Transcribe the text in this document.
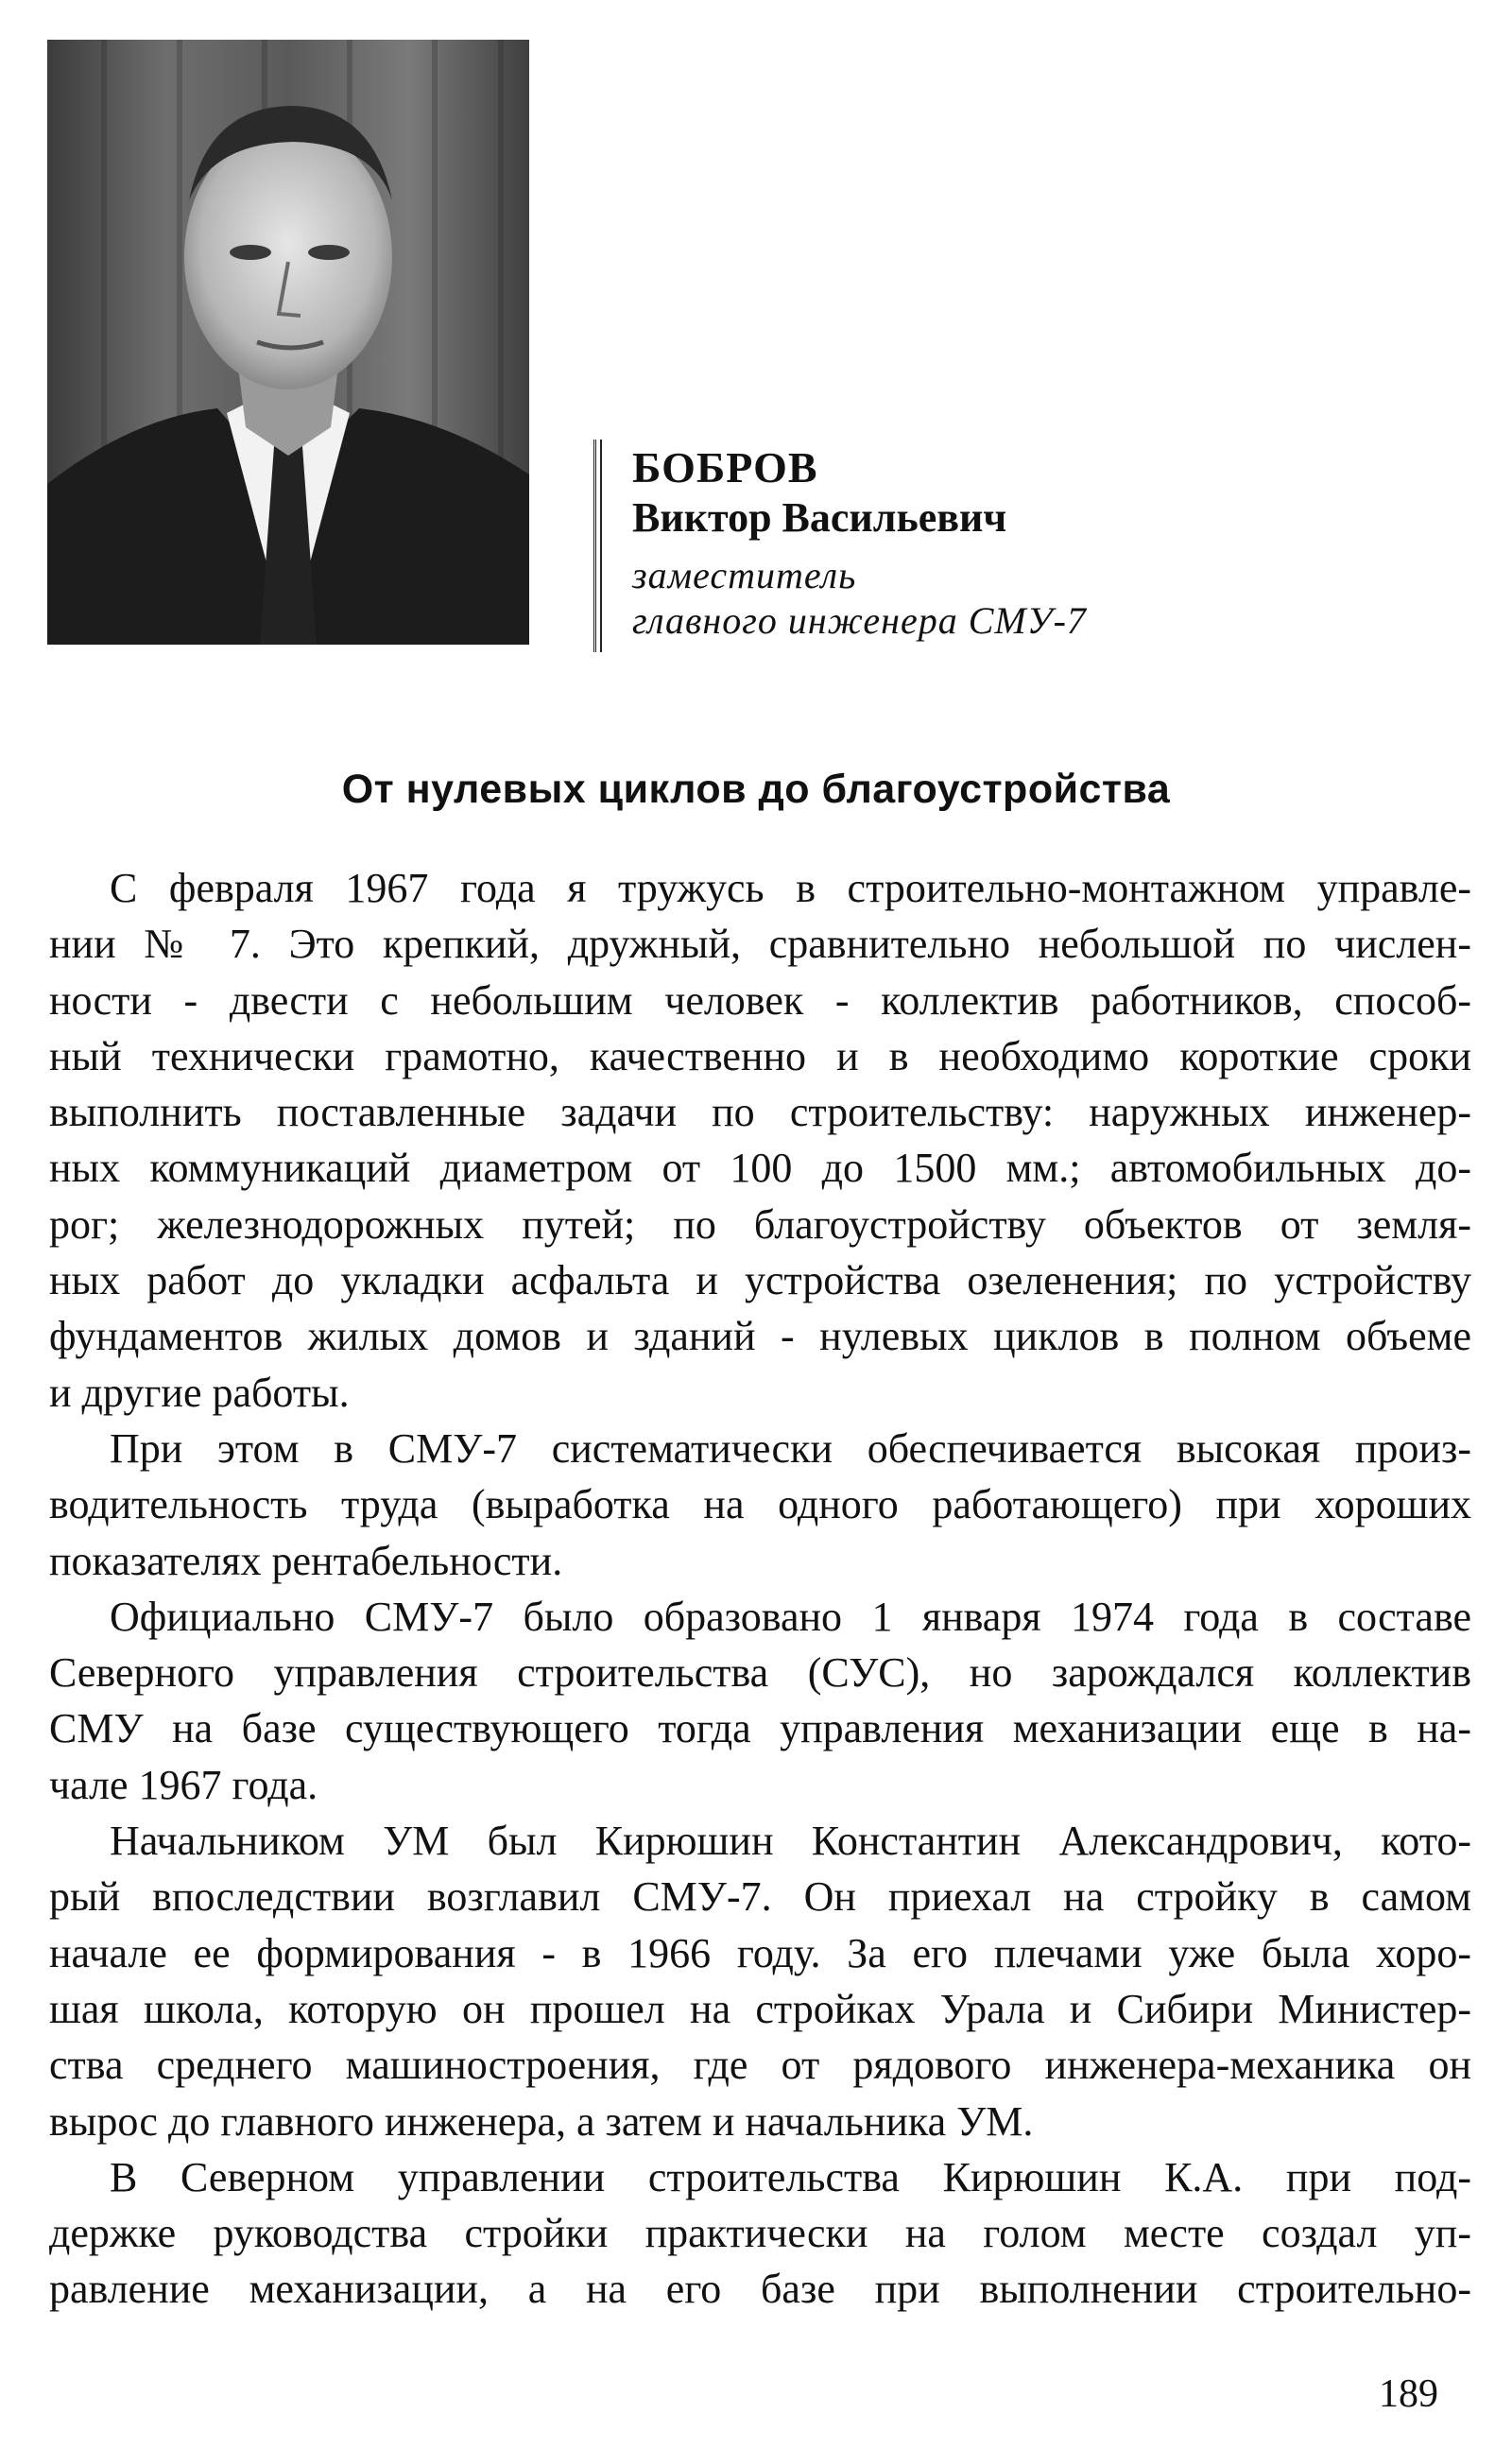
БОБРОВ
Виктор Васильевич
заместитель
главного инженера СМУ-7
От нулевых циклов до благоустройства
С февраля 1967 года я тружусь в строительно-монтажном управле-
нии № 7. Это крепкий, дружный, сравнительно небольшой по числен-
ности - двести с небольшим человек - коллектив работников, способ-
ный технически грамотно, качественно и в необходимо короткие сроки
выполнить поставленные задачи по строительству: наружных инженер-
ных коммуникаций диаметром от 100 до 1500 мм.; автомобильных до-
рог; железнодорожных путей; по благоустройству объектов от земля-
ных работ до укладки асфальта и устройства озеленения; по устройству
фундаментов жилых домов и зданий - нулевых циклов в полном объеме
и другие работы.
При этом в СМУ-7 систематически обеспечивается высокая произ-
водительность труда (выработка на одного работающего) при хороших
показателях рентабельности.
Официально СМУ-7 было образовано 1 января 1974 года в составе
Северного управления строительства (СУС), но зарождался коллектив
СМУ на базе существующего тогда управления механизации еще в на-
чале 1967 года.
Начальником УМ был Кирюшин Константин Александрович, кото-
рый впоследствии возглавил СМУ-7. Он приехал на стройку в самом
начале ее формирования - в 1966 году. За его плечами уже была хоро-
шая школа, которую он прошел на стройках Урала и Сибири Министер-
ства среднего машиностроения, где от рядового инженера-механика он
вырос до главного инженера, а затем и начальника УМ.
В Северном управлении строительства Кирюшин К.А. при под-
держке руководства стройки практически на голом месте создал уп-
равление механизации, а на его базе при выполнении строительно-
189
